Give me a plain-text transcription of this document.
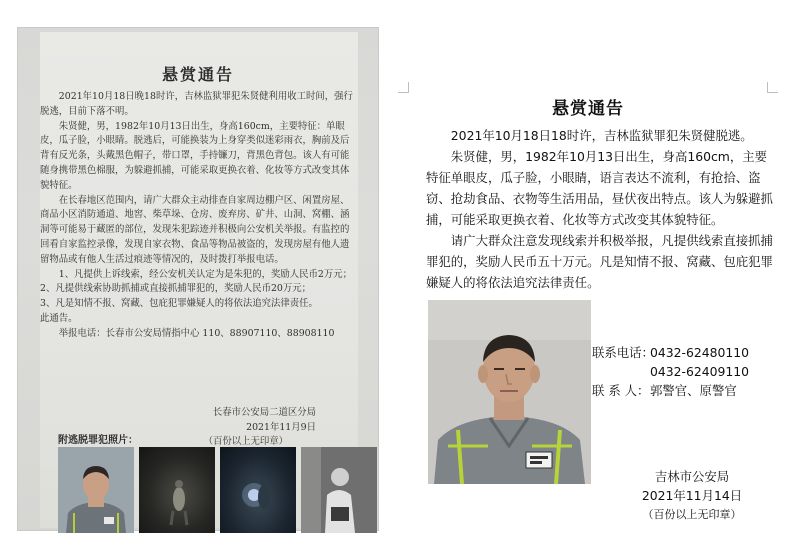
悬赏通告

2021年10月18日晚18时许，吉林监狱罪犯朱贤健利用收工时间，强行脱逃，目前下落不明。

朱贤健，男，1982年10月13日出生，身高160cm，主要特征：单眼皮，瓜子脸，小眼睛。脱逃后，可能换装为上身穿类似迷彩雨衣，胸前及后背有反光条，头戴黑色帽子，带口罩，手持镰刀，背黑色背包。该人有可能随身携带黑色棉服，为躲避抓捕，可能采取更换衣着、化妆等方式改变其体貌特征。

在长春地区范围内，请广大群众主动排查自家周边棚户区、闲置房屋、商品小区消防通道、地窖、柴草垛、仓房、废弃房、矿井、山洞、窝棚、涵洞等可能易于藏匿的部位，发现朱犯踪迹并积极向公安机关举报。有监控的回看自家监控录像，发现自家衣物、食品等物品被盗的，发现房屋有他人遗留物品或有他人生活过痕迹等情况的，及时拨打举报电话。

1、凡提供上诉线索，经公安机关认定为是朱犯的，奖励人民币2万元；

2、凡提供线索协助抓捕或直接抓捕罪犯的，奖励人民币20万元；

3、凡是知情不报、窝藏、包庇犯罪嫌疑人的将依法追究法律责任。

此通告。

举报电话：长春市公安局情指中心 110、88907110、88908110

长春市公安局二道区分局
2021年11月9日
（百份以上无印章）
附逃脱罪犯照片：
悬赏通告

2021年10月18日18时许，吉林监狱罪犯朱贤健脱逃。

朱贤健，男，1982年10月13日出生，身高160cm，主要特征单眼皮，瓜子脸，小眼睛，语言表达不流利，有抢拾、盗窃、抢劫食品、衣物等生活用品，昼伏夜出特点。该人为躲避抓捕，可能采取更换衣着、化妆等方式改变其体貌特征。

请广大群众注意发现线索并积极举报，凡提供线索直接抓捕罪犯的，奖励人民币五十万元。凡是知情不报、窝藏、包庇犯罪嫌疑人的将依法追究法律责任。

联系电话：
0432-62480110
0432-62409110
联 系 人： 郭警官、原警官
吉林市公安局
2021年11月14日
（百份以上无印章）
